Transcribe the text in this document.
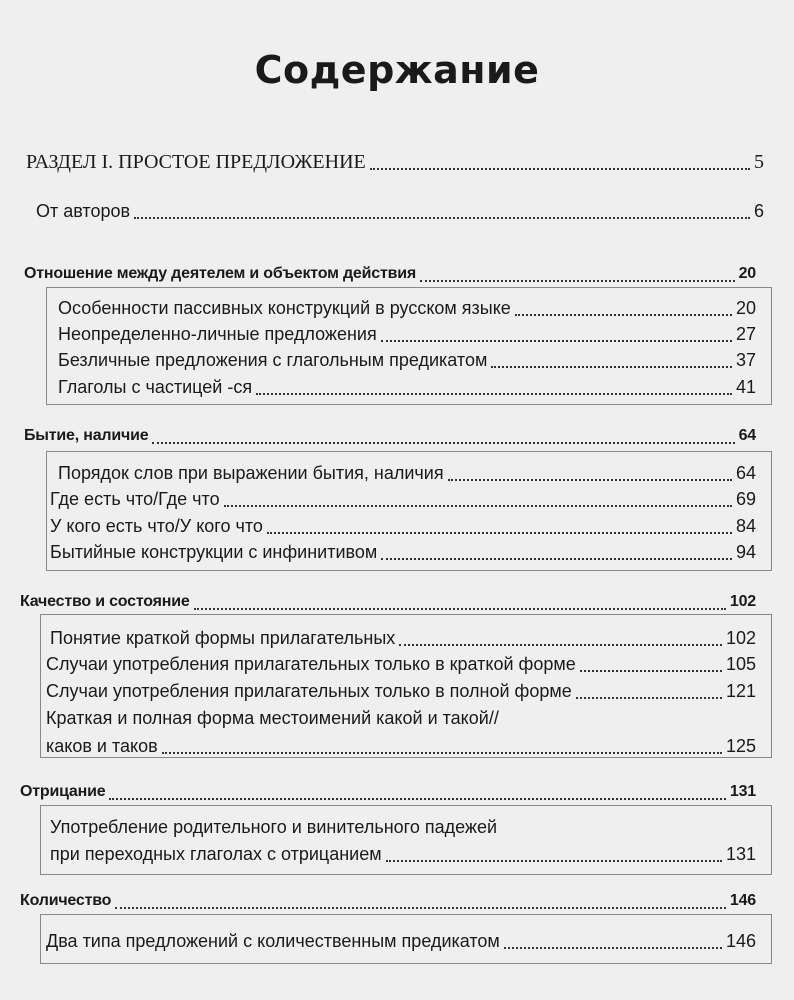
Содержание
РАЗДЕЛ I. ПРОСТОЕ ПРЕДЛОЖЕНИЕ	5
От авторов	6
Отношение между деятелем и объектом действия	20
Особенности пассивных конструкций в русском языке	20
Неопределенно-личные предложения	27
Безличные предложения с глагольным предикатом	37
Глаголы с частицей -ся	41
Бытие, наличие	64
Порядок слов при выражении бытия, наличия	64
Где есть что/Где что	69
У кого есть что/У кого что	84
Бытийные конструкции с инфинитивом	94
Качество и состояние	102
Понятие краткой формы прилагательных	102
Случаи употребления прилагательных только в краткой форме	105
Случаи употребления прилагательных только в полной форме	121
Краткая и полная форма местоимений какой и такой//
каков и таков	125
Отрицание	131
Употребление родительного и винительного падежей
при переходных глаголах с отрицанием	131
Количество	146
Два типа предложений с количественным предикатом	146
